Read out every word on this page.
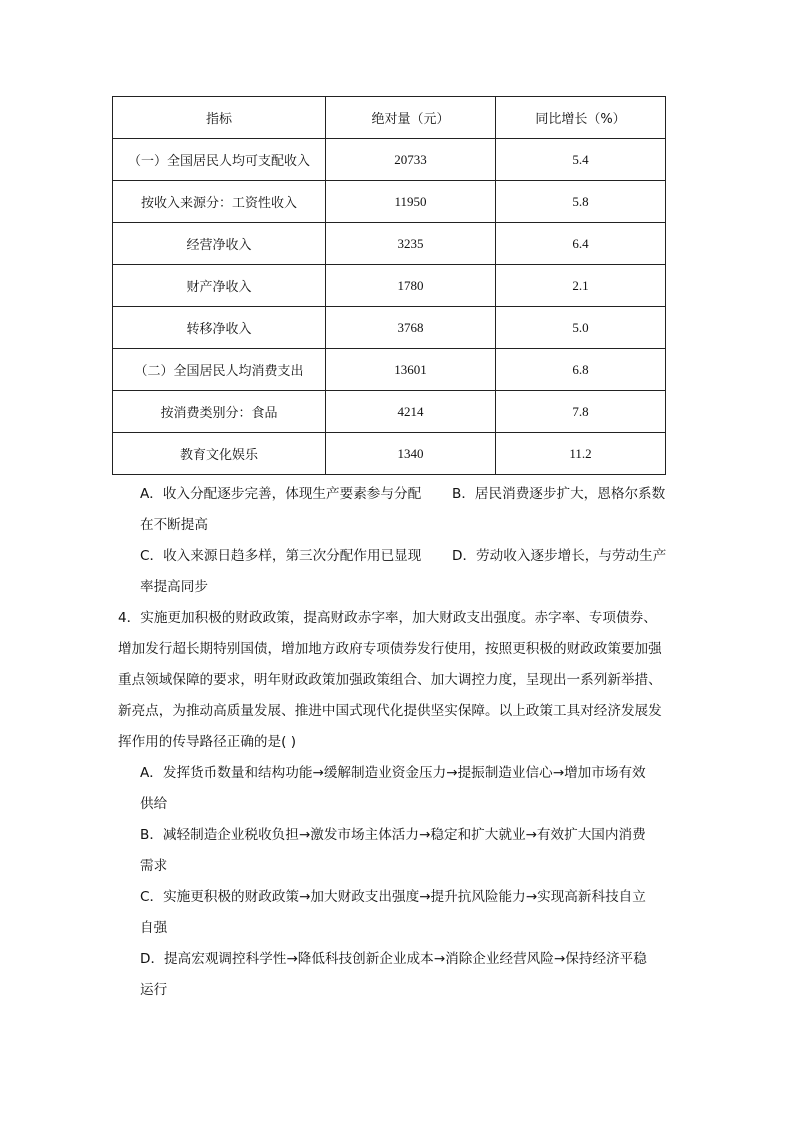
指标	绝对量（元）	同比增长（%）
（一）全国居民人均可支配收入	20733	5.4
按收入来源分：工资性收入	11950	5.8
经营净收入	3235	6.4
财产净收入	1780	2.1
转移净收入	3768	5.0
（二）全国居民人均消费支出	13601	6.8
按消费类别分：食品	4214	7.8
教育文化娱乐	1340	11.2
A．收入分配逐步完善，体现生产要素参与分配 B．居民消费逐步扩大，恩格尔系数
在不断提高
C．收入来源日趋多样，第三次分配作用已显现 D．劳动收入逐步增长，与劳动生产
率提高同步
4．实施更加积极的财政政策，提高财政赤字率，加大财政支出强度。赤字率、专项债券、
增加发行超长期特别国债，增加地方政府专项债券发行使用，按照更积极的财政政策要加强
重点领域保障的要求，明年财政政策加强政策组合、加大调控力度，呈现出一系列新举措、
新亮点，为推动高质量发展、推进中国式现代化提供坚实保障。以上政策工具对经济发展发
挥作用的传导路径正确的是( )
A．发挥货币数量和结构功能→缓解制造业资金压力→提振制造业信心→增加市场有效
供给
B．减轻制造企业税收负担→激发市场主体活力→稳定和扩大就业→有效扩大国内消费
需求
C．实施更积极的财政政策→加大财政支出强度→提升抗风险能力→实现高新科技自立
自强
D．提高宏观调控科学性→降低科技创新企业成本→消除企业经营风险→保持经济平稳
运行
